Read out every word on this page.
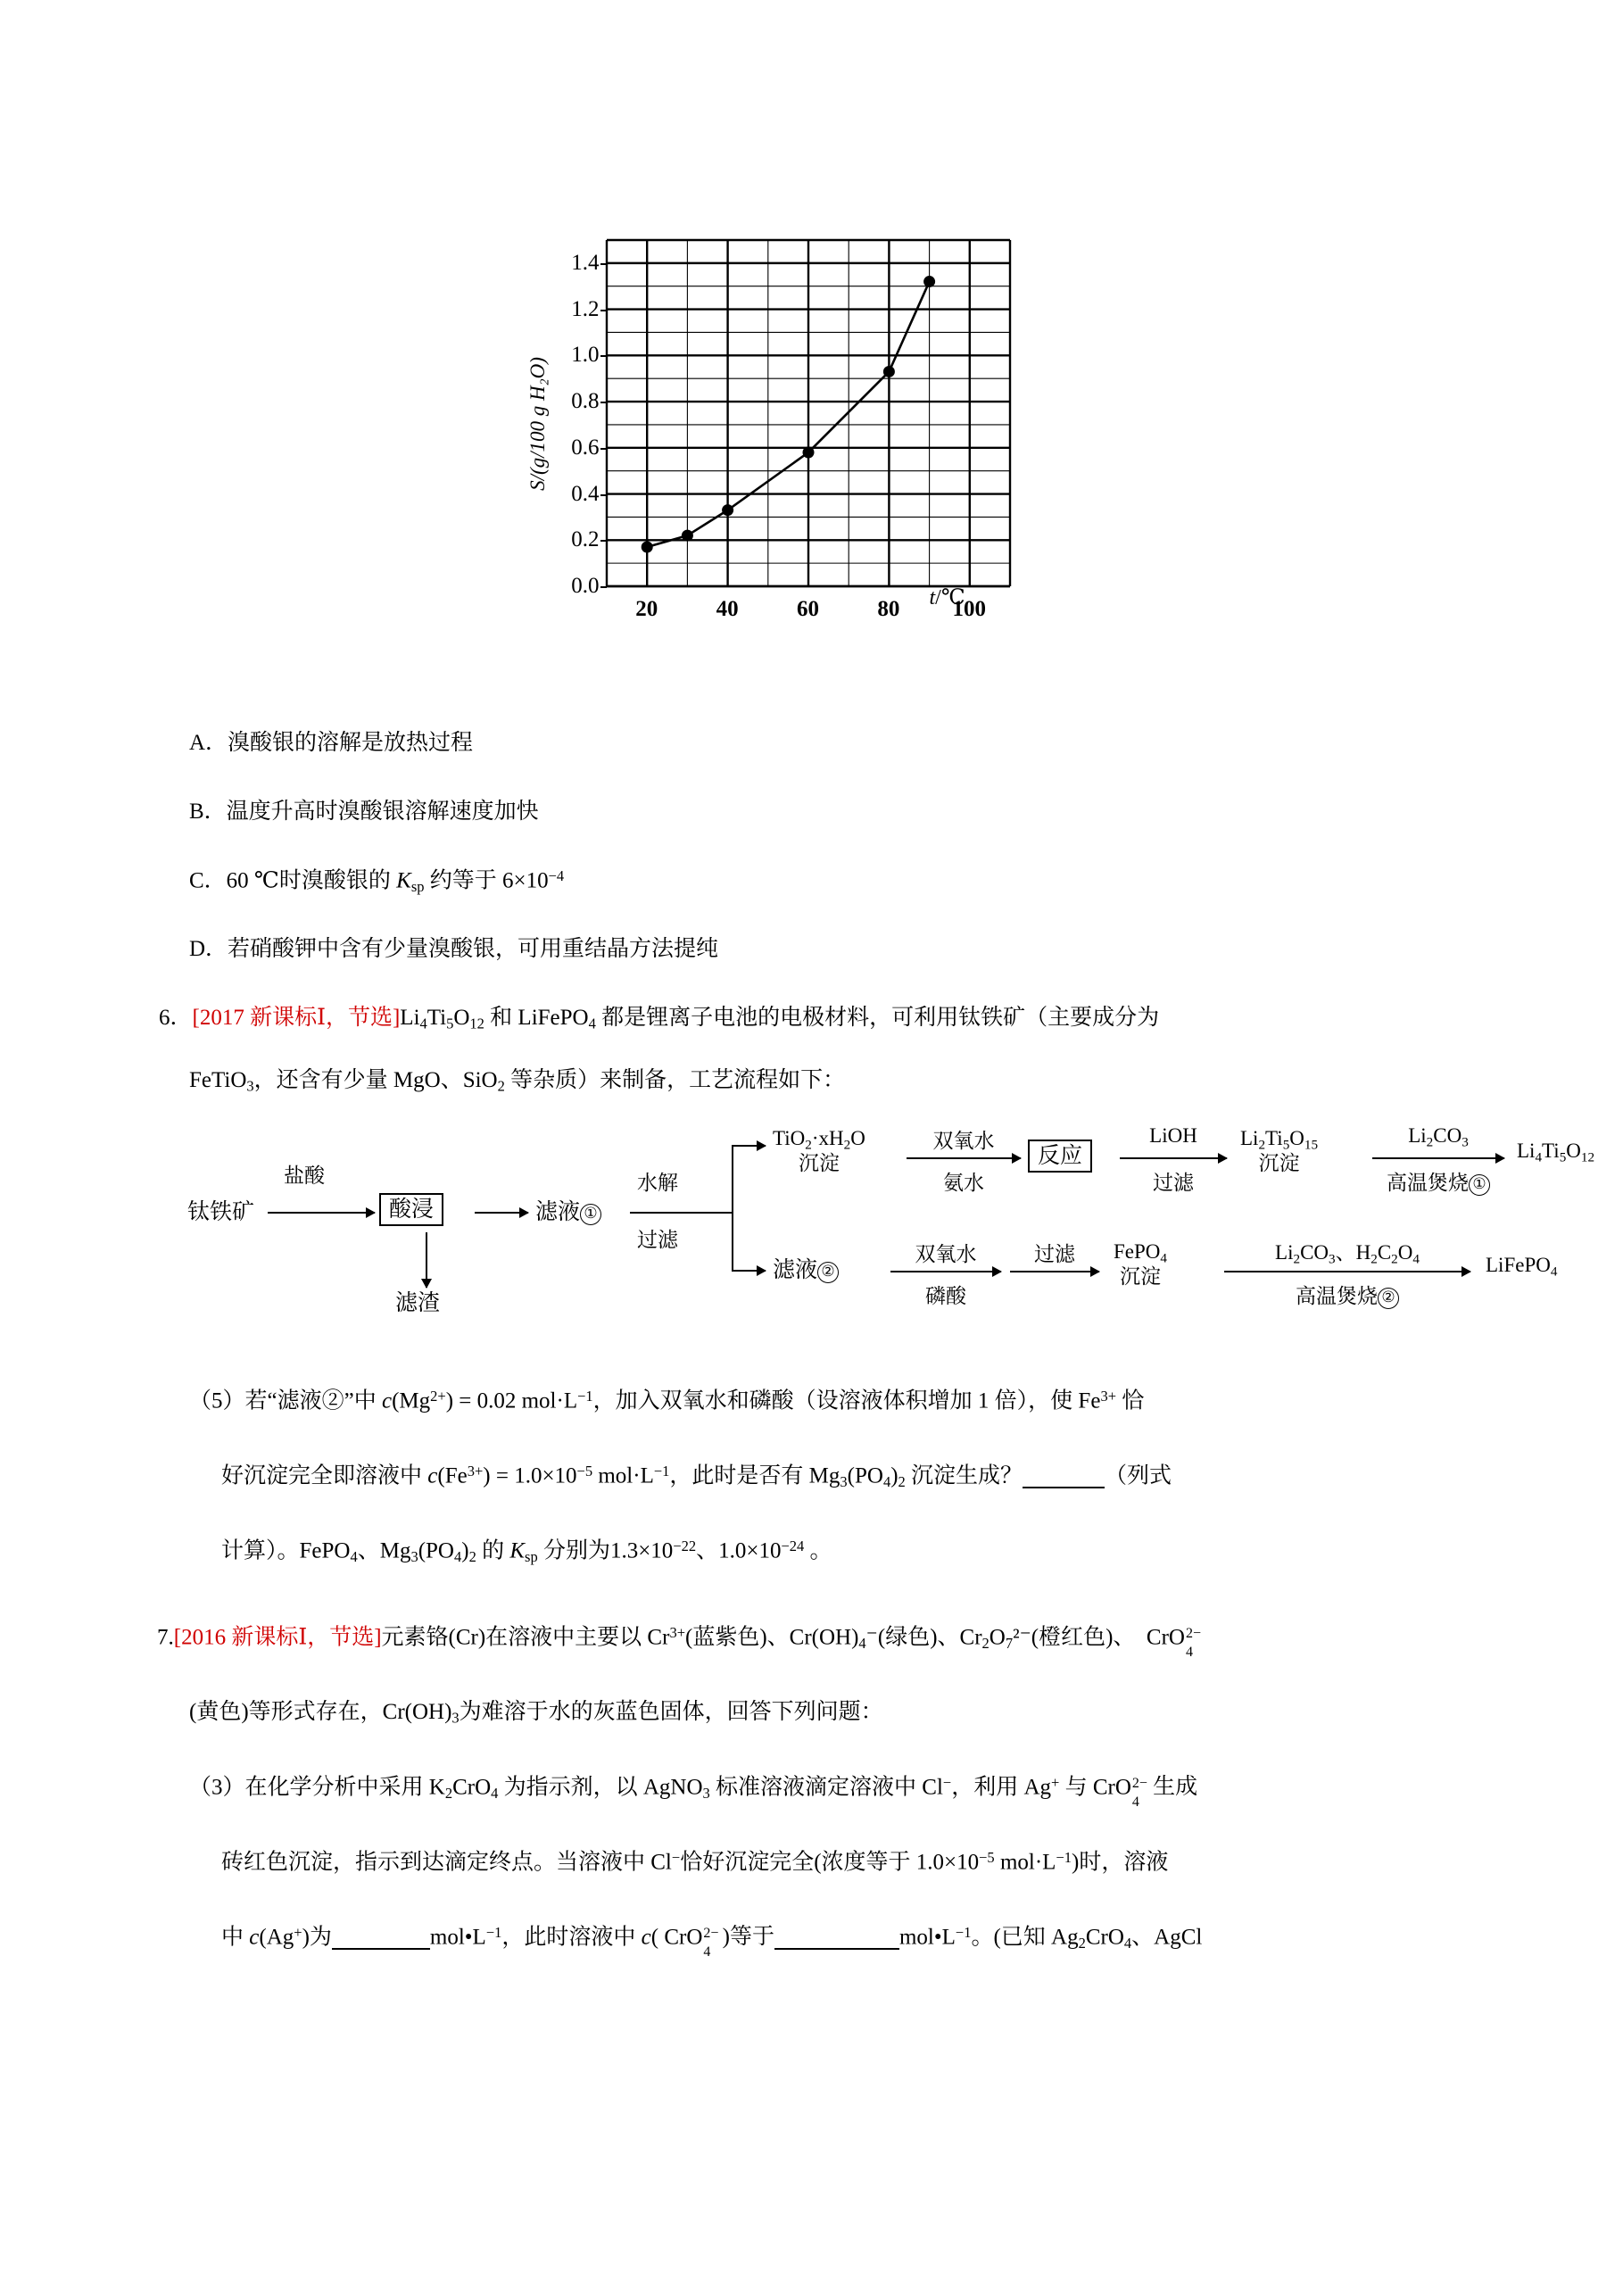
S/(g/100 g H₂O)
0.0
0.2
0.4
0.6
0.8
1.0
1.2
1.4
20	40	60	80 100
t/℃
A．溴酸银的溶解是放热过程
B．温度升高时溴酸银溶解速度加快
C．60 ℃时溴酸银的 $K_{sp}$ 约等于 $6\times 10^{-4}$
D．若硝酸钾中含有少量溴酸银，可用重结晶方法提纯
6．[2017 新课标Ⅰ，节选]$Li_4Ti_5O_{12}$ 和 LiFePO$_4$ 都是锂离子电池的电极材料，可利用钛铁矿（主要成分为
FeTiO$_3$，还含有少量 MgO、SiO$_2$ 等杂质）来制备，工艺流程如下：
钛铁矿
盐酸
酸浸
滤渣
滤液 ①
水解
过滤
$TiO_2\cdot xH_2O$
沉淀
双氧水
氨水
反应
LiOH
过滤
$Li_2Ti_5O_{15}$
沉淀
$Li_2CO_3$
高温煲烧 ①
$Li_4Ti_5O_{12}$
滤液 ②
双氧水
磷酸
过滤 FePO$_4$
沉淀
$Li_2CO_3$、$H_2C_2O_4$
高温煲烧 ②
LiFePO$_4$
（5）若“滤液②”中 $c(Mg^{2+}) = 0.02$ $mol\cdot L^{-1}$，加入双氧水和磷酸（设溶液体积增加 1 倍），使 $Fe^{3+}$ 恰
好沉淀完全即溶液中 $c(Fe^{3+}) = 1.0\times 10^{-5}$ $mol\cdot L^{-1}$，此时是否有 $Mg_3(PO_4)_2$ 沉淀生成？	（列式
计算）。FePO$_4$、$Mg_3(PO_4)_2$ 的 $K_{sp}$ 分别为$1.3\times 10^{-22}$、$1.0\times 10^{-24}$ 。
7.[2016 新课标Ⅰ，节选]元素铬(Cr)在溶液中主要以 $Cr^{3+}$(蓝紫色)、$Cr(OH)_4^-$(绿色)、$Cr_2O_7^{2-}$(橙红色)、　CrO 2−
4
(黄色)等形式存在，$Cr(OH)_3$为难溶于水的灰蓝色固体，回答下列问题：
（3）在化学分析中采用 $K_2CrO_4$ 为指示剂，以 AgNO$_3$ 标准溶液滴定溶液中 Cl−，利用 Ag+ 与 CrO 2−
4
生成
砖红色沉淀，指示到达滴定终点。当溶液中 Cl−恰好沉淀完全(浓度等于 $1.0\times 10^{-5}$ $mol\cdot L^{-1}$)时，溶液
中 c(Ag+)为	$mol•L^{-1}$，此时溶液中 c( CrO 2−
4
)等于	$mol•L^{-1}$。(已知 $Ag_2CrO_4$、AgCl
